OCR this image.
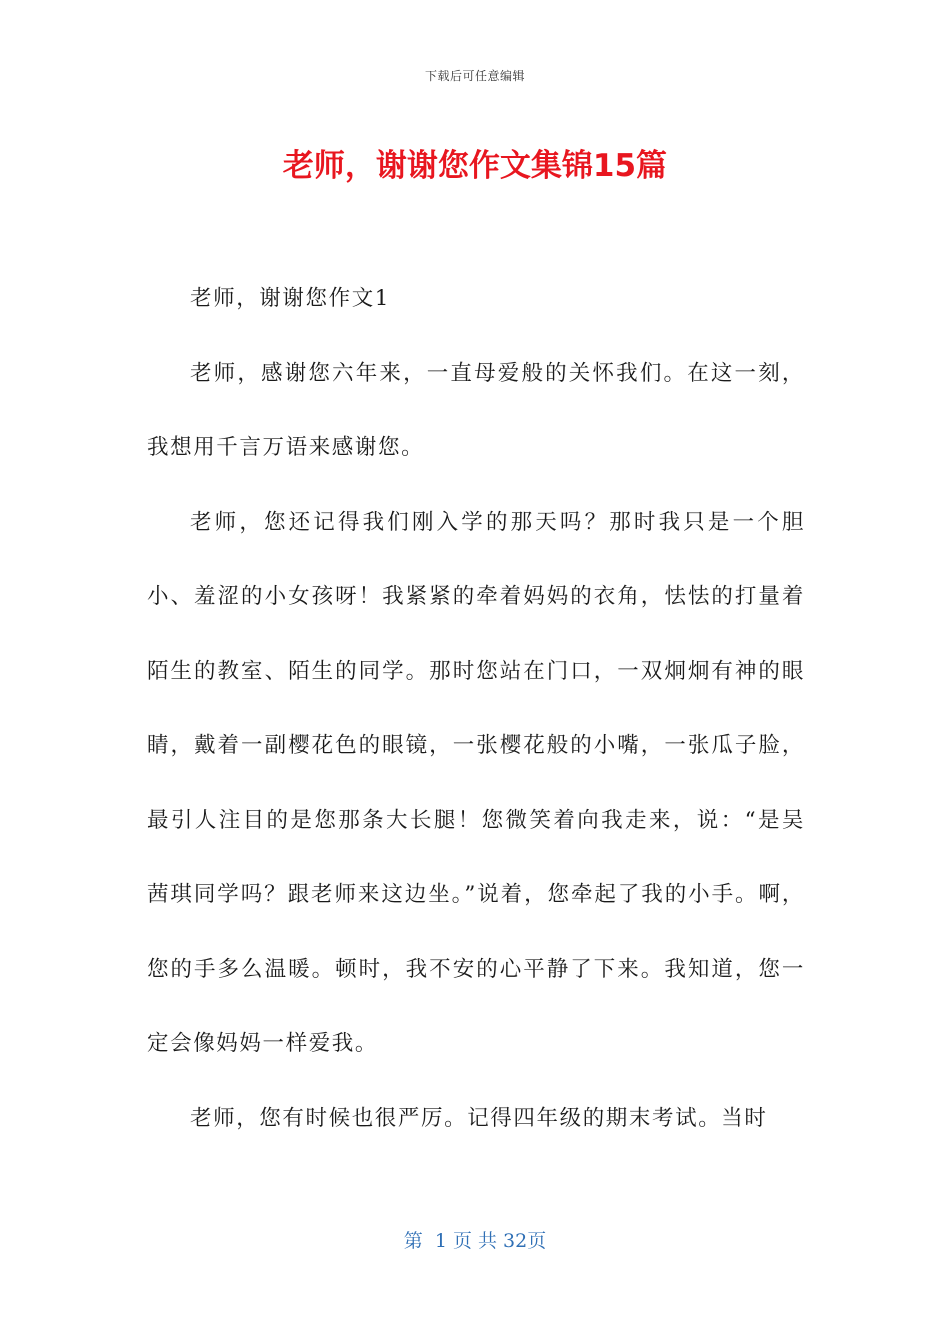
下载后可任意编辑
老师，谢谢您作文集锦15篇

老师，谢谢您作文1

老师，感谢您六年来，一直母爱般的关怀我们。在这一刻，我想用千言万语来感谢您。

老师，您还记得我们刚入学的那天吗？那时我只是一个胆小、羞涩的小女孩呀！我紧紧的牵着妈妈的衣角，怯怯的打量着陌生的教室、陌生的同学。那时您站在门口，一双炯炯有神的眼睛，戴着一副樱花色的眼镜，一张樱花般的小嘴，一张瓜子脸，最引人注目的是您那条大长腿！您微笑着向我走来，说：“是吴茜琪同学吗？跟老师来这边坐。”说着，您牵起了我的小手。啊，您的手多么温暖。顿时，我不安的心平静了下来。我知道，您一定会像妈妈一样爱我。

老师，您有时候也很严厉。记得四年级的期末考试。当时

第  1 页 共 32页
